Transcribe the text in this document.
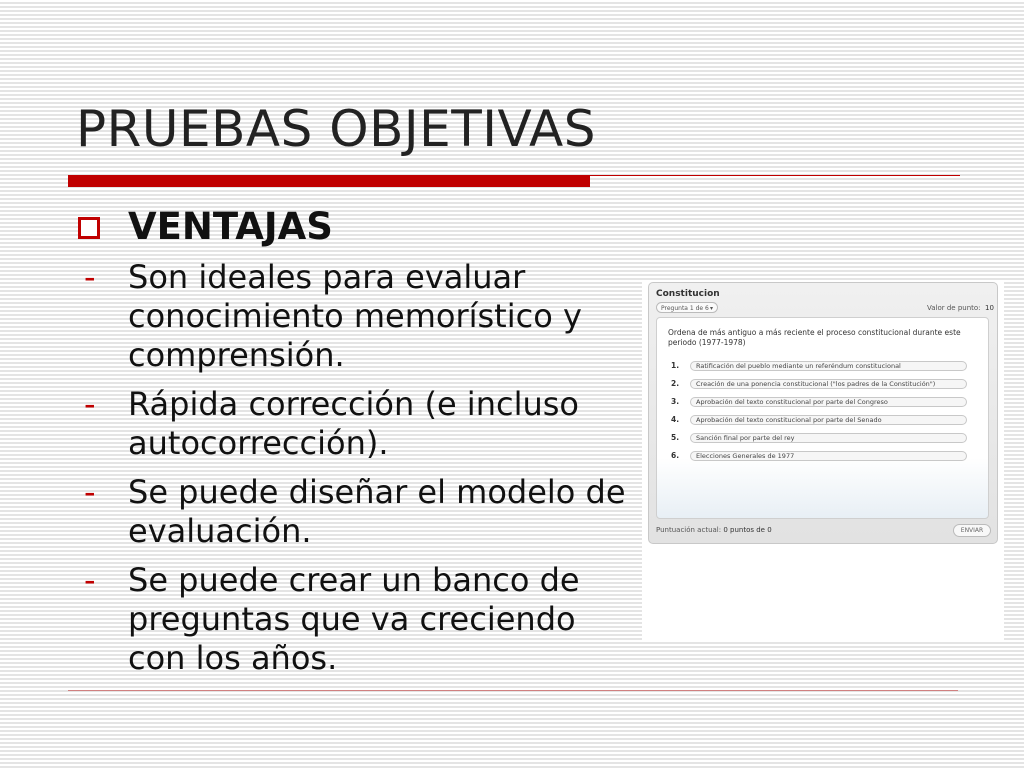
PRUEBAS OBJETIVAS
VENTAJAS
-	Son ideales para evaluar conocimiento memorístico y comprensión.
-	Rápida corrección (e incluso autocorrección).
-	Se puede diseñar el modelo de evaluación.
-	Se puede crear un banco de preguntas que va creciendo con los años.
Constitucion
Pregunta 1 de 6 ▾	Valor de punto: 10
Ordena de más antiguo a más reciente el proceso constitucional durante este periodo (1977-1978)
1.	Ratificación del pueblo mediante un referéndum constitucional
2.	Creación de una ponencia constitucional ("los padres de la Constitución")
3.	Aprobación del texto constitucional por parte del Congreso
4.	Aprobación del texto constitucional por parte del Senado
5.	Sanción final por parte del rey
6.	Elecciones Generales de 1977
Puntuación actual: 0 puntos de 0	ENVIAR
